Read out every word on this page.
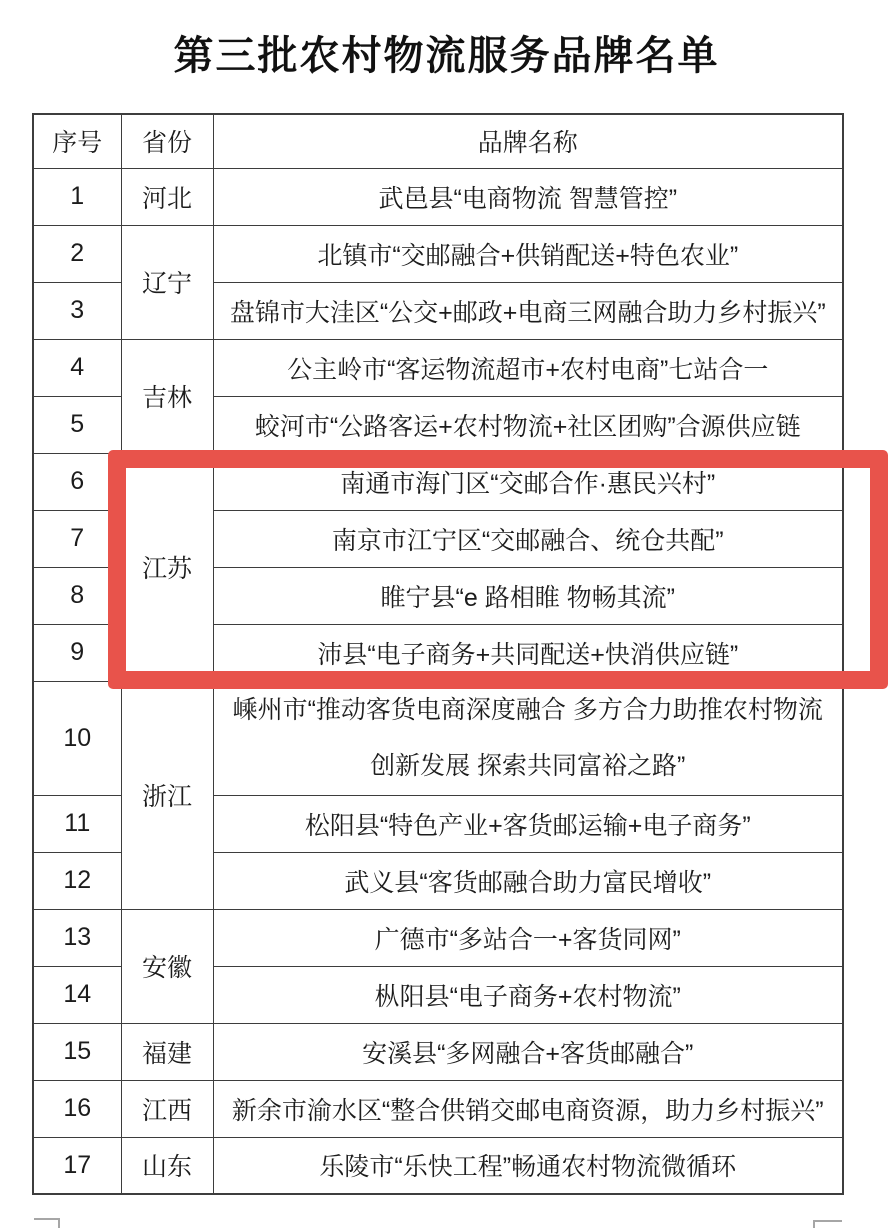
第三批农村物流服务品牌名单
序号	省份	品牌名称
1	河北	武邑县“电商物流 智慧管控”
2	辽宁	北镇市“交邮融合+供销配送+特色农业”
3		盘锦市大洼区“公交+邮政+电商三网融合助力乡村振兴”
4	吉林	公主岭市“客运物流超市+农村电商”七站合一
5		蛟河市“公路客运+农村物流+社区团购”合源供应链
6	江苏	南通市海门区“交邮合作·惠民兴村”
7		南京市江宁区“交邮融合、统仓共配”
8		睢宁县“e 路相睢 物畅其流”
9		沛县“电子商务+共同配送+快消供应链”
10	浙江	嵊州市“推动客货电商深度融合 多方合力助推农村物流创新发展 探索共同富裕之路”
11		松阳县“特色产业+客货邮运输+电子商务”
12		武义县“客货邮融合助力富民增收”
13	安徽	广德市“多站合一+客货同网”
14		枞阳县“电子商务+农村物流”
15	福建	安溪县“多网融合+客货邮融合”
16	江西	新余市渝水区“整合供销交邮电商资源，助力乡村振兴”
17	山东	乐陵市“乐快工程”畅通农村物流微循环
